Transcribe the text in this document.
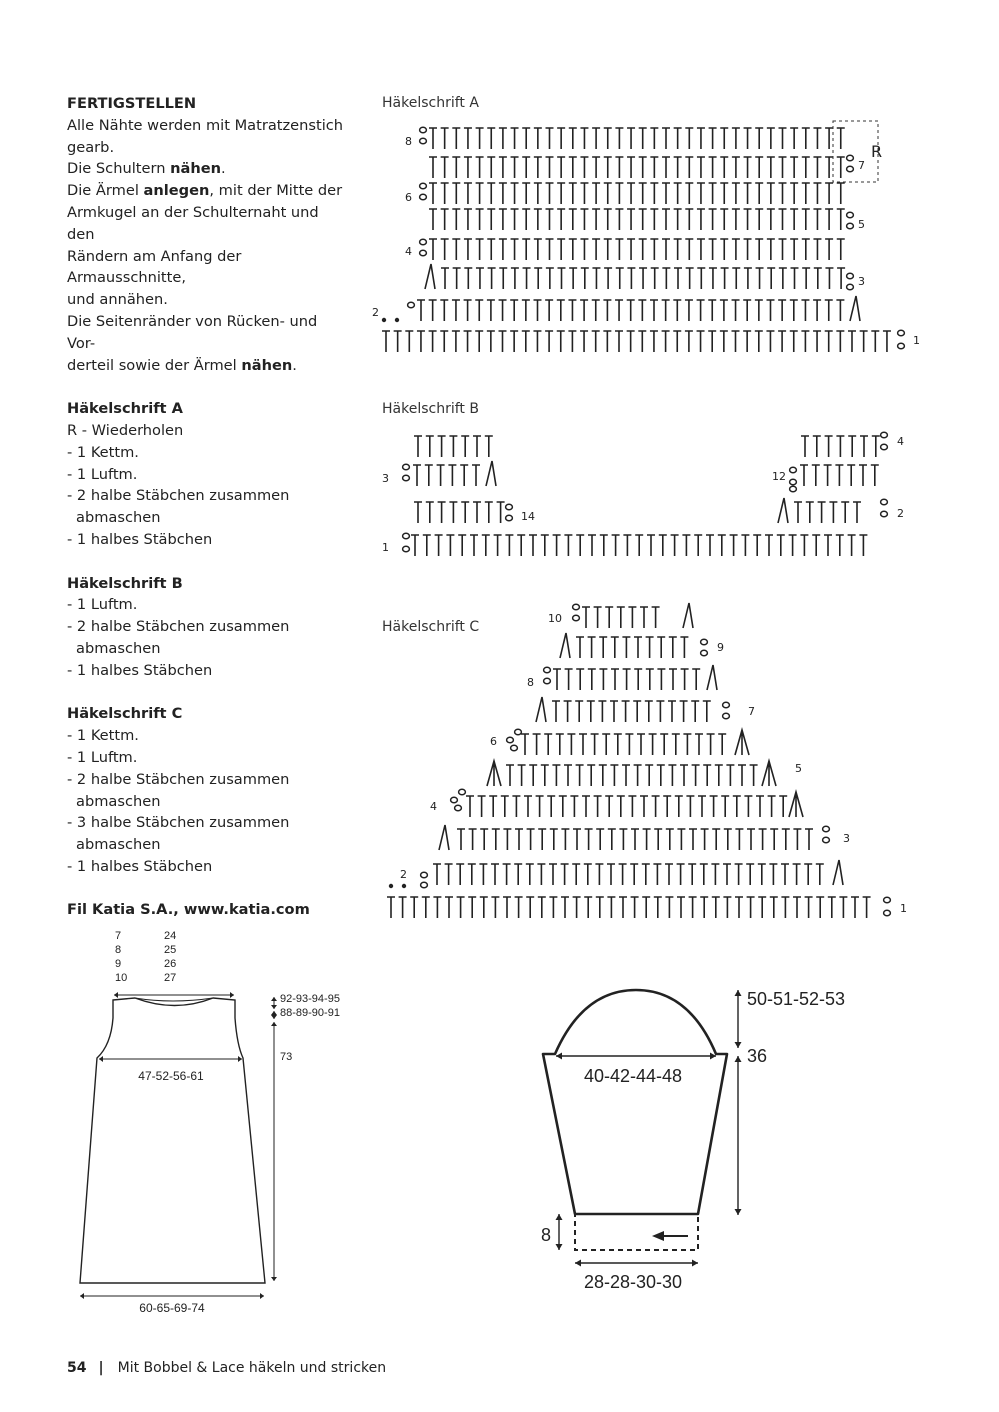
FERTIGSTELLEN

Alle Nähte werden mit Matratzenstich

gearb.

Die Schultern nähen.

Die Ärmel anlegen, mit der Mitte der

Armkugel an der Schulternaht und den

Rändern am Anfang der Armausschnitte,

und annähen.

Die Seitenränder von Rücken- und Vor-

derteil sowie der Ärmel nähen.

Häkelschrift A

R - Wiederholen

- 1 Kettm.

- 1 Luftm.

- 2 halbe Stäbchen zusammen

abmaschen

- 1 halbes Stäbchen

Häkelschrift B

- 1 Luftm.

- 2 halbe Stäbchen zusammen

abmaschen

- 1 halbes Stäbchen

Häkelschrift C

- 1 Kettm.

- 1 Luftm.

- 2 halbe Stäbchen zusammen

abmaschen

- 3 halbe Stäbchen zusammen

abmaschen

- 1 halbes Stäbchen

Fil Katia S.A., www.katia.com

Häkelschrift A
Häkelschrift B
Häkelschrift C
1
2
3
4
5
6
7
8
R
1
2
14
3	12
4
1
2
3
4
5
6
7
8
9
10
7
8
9
10
24
25
26
27
92-93-94-95
88-89-90-91
73
47-52-56-61
60-65-69-74
50-51-52-53
36
40-42-44-48
8
28-28-30-30
54 | Mit Bobbel & Lace häkeln und stricken
